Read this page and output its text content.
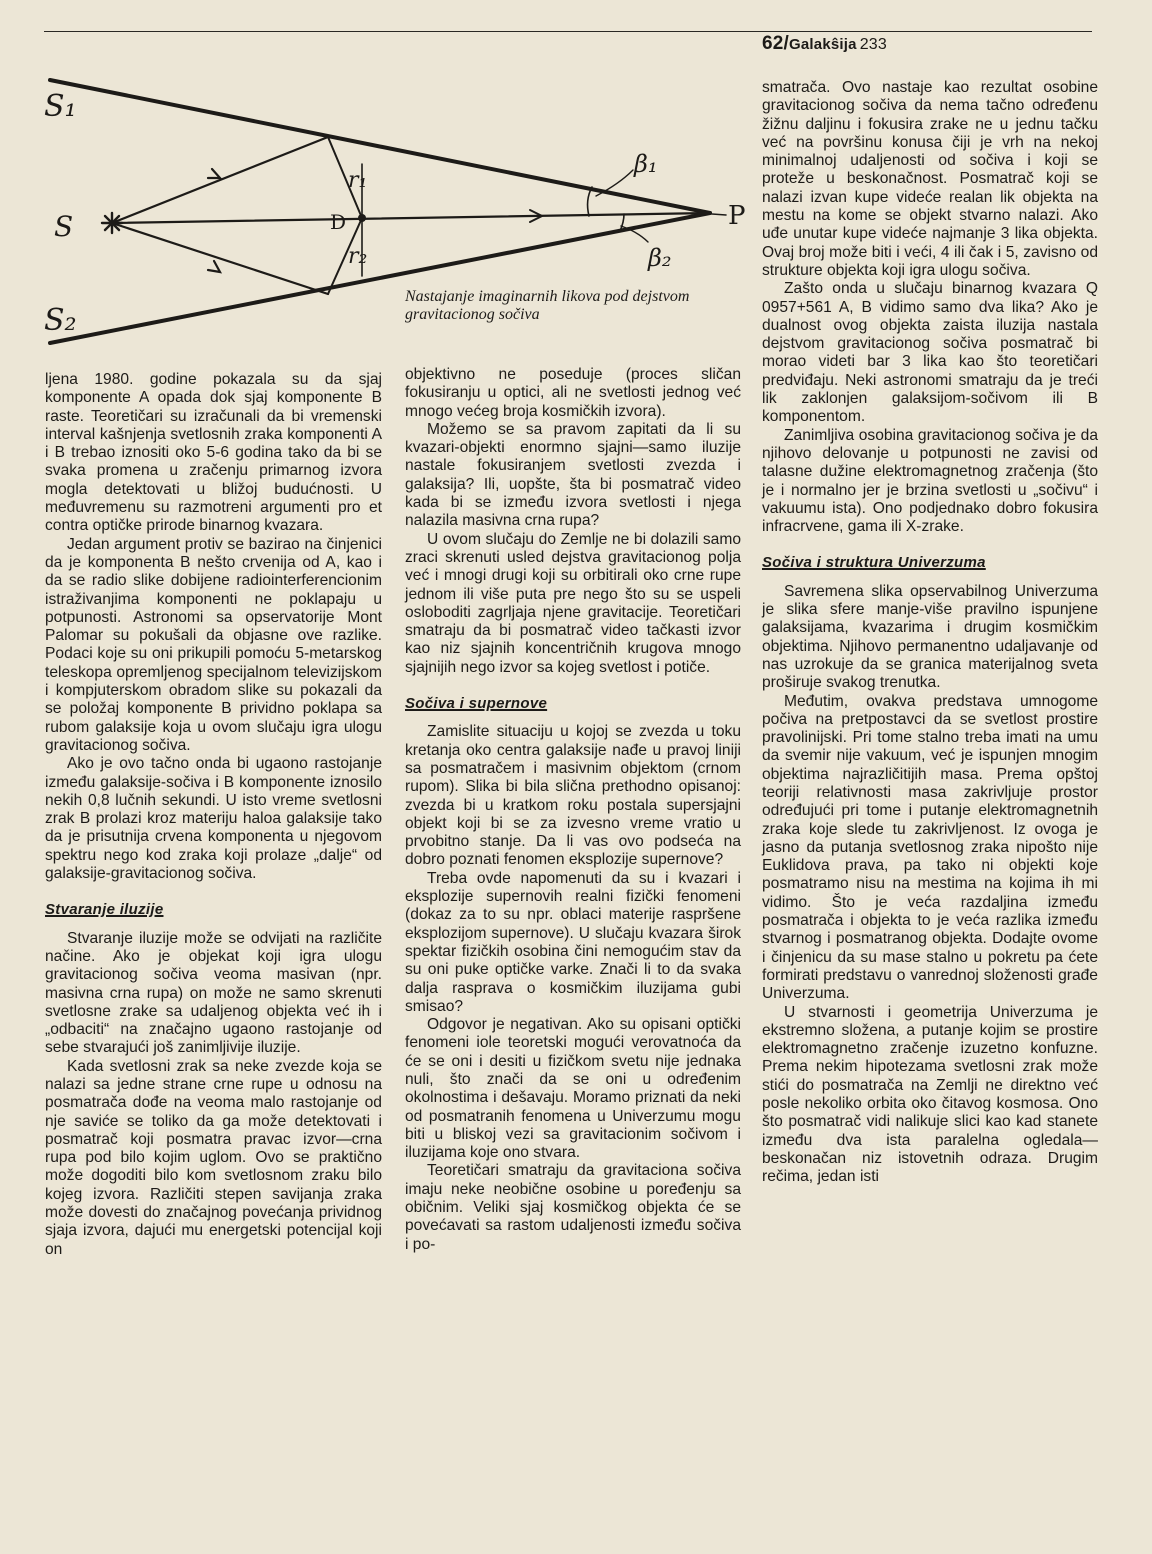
62/Galakŝija 233
S₁
S
S₂
D
r₁
r₂
β₁
β₂
P
Nastajanje imaginarnih likova pod dejstvom gravitacionog sočiva

ljena 1980. godine pokazala su da sjaj komponente A opada dok sjaj komponente B raste. Teoretičari su izračunali da bi vremenski interval kašnjenja svetlosnih zraka komponenti A i B trebao iznositi oko 5-6 godina tako da bi se svaka promena u zračenju primarnog izvora mogla detektovati u bližoj budućnosti. U međuvremenu su razmotreni argumenti pro et contra optičke prirode binarnog kvazara.

Jedan argument protiv se bazirao na činjenici da je komponenta B nešto crvenija od A, kao i da se radio slike dobijene radiointerferencionim istraživanjima komponenti ne poklapaju u potpunosti. Astronomi sa opservatorije Mont Palomar su pokušali da objasne ove razlike. Podaci koje su oni prikupili pomoću 5-metarskog teleskopa opremljenog specijalnom televizijskom i kompjuterskom obradom slike su pokazali da se položaj komponente B prividno poklapa sa rubom galaksije koja u ovom slučaju igra ulogu gravitacionog sočiva.

Ako je ovo tačno onda bi ugaono rastojanje između galaksije-sočiva i B komponente iznosilo nekih 0,8 lučnih sekundi. U isto vreme svetlosni zrak B prolazi kroz materiju haloa galaksije tako da je prisutnija crvena komponenta u njegovom spektru nego kod zraka koji prolaze „dalje“ od galaksije-gravitacionog sočiva.

Stvaranje iluzije

Stvaranje iluzije može se odvijati na različite načine. Ako je objekat koji igra ulogu gravitacionog sočiva veoma masivan (npr. masivna crna rupa) on može ne samo skrenuti svetlosne zrake sa udaljenog objekta već ih i „odbaciti“ na značajno ugaono rastojanje od sebe stvarajući još zanimljivije iluzije.

Kada svetlosni zrak sa neke zvezde koja se nalazi sa jedne strane crne rupe u odnosu na posmatrača dođe na veoma malo rastojanje od nje saviće se toliko da ga može detektovati i posmatrač koji posmatra pravac izvor—crna rupa pod bilo kojim uglom. Ovo se praktično može dogoditi bilo kom svetlosnom zraku bilo kojeg izvora. Različiti stepen savijanja zraka može dovesti do značajnog povećanja prividnog sjaja izvora, dajući mu energetski potencijal koji on

objektivno ne poseduje (proces sličan fokusiranju u optici, ali ne svetlosti jednog već mnogo većeg broja kosmičkih izvora).

Možemo se sa pravom zapitati da li su kvazari-objekti enormno sjajni—samo iluzije nastale fokusiranjem svetlosti zvezda i galaksija? Ili, uopšte, šta bi posmatrač video kada bi se između izvora svetlosti i njega nalazila masivna crna rupa?

U ovom slučaju do Zemlje ne bi dolazili samo zraci skrenuti usled dejstva gravitacionog polja već i mnogi drugi koji su orbitirali oko crne rupe jednom ili više puta pre nego što su se uspeli osloboditi zagrljaja njene gravitacije. Teoretičari smatraju da bi posmatrač video tačkasti izvor kao niz sjajnih koncentričnih krugova mnogo sjajnijih nego izvor sa kojeg svetlost i potiče.

Sočiva i supernove

Zamislite situaciju u kojoj se zvezda u toku kretanja oko centra galaksije nađe u pravoj liniji sa posmatračem i masivnim objektom (crnom rupom). Slika bi bila slična prethodno opisanoj: zvezda bi u kratkom roku postala supersjajni objekt koji bi se za izvesno vreme vratio u prvobitno stanje. Da li vas ovo podseća na dobro poznati fenomen eksplozije supernove?

Treba ovde napomenuti da su i kvazari i eksplozije supernovih realni fizički fenomeni (dokaz za to su npr. oblaci materije raspršene eksplozijom supernove). U slučaju kvazara širok spektar fizičkih osobina čini nemogućim stav da su oni puke optičke varke. Znači li to da svaka dalja rasprava o kosmičkim iluzijama gubi smisao?

Odgovor je negativan. Ako su opisani optički fenomeni iole teoretski mogući verovatnoća da će se oni i desiti u fizičkom svetu nije jednaka nuli, što znači da se oni u određenim okolnostima i dešavaju. Moramo priznati da neki od posmatranih fenomena u Univerzumu mogu biti u bliskoj vezi sa gravitacionim sočivom i iluzijama koje ono stvara.

Teoretičari smatraju da gravitaciona sočiva imaju neke neobične osobine u poređenju sa običnim. Veliki sjaj kosmičkog objekta će se povećavati sa rastom udaljenosti između sočiva i po-

smatrača. Ovo nastaje kao rezultat osobine gravitacionog sočiva da nema tačno određenu žižnu daljinu i fokusira zrake ne u jednu tačku već na površinu konusa čiji je vrh na nekoj minimalnoj udaljenosti od sočiva i koji se proteže u beskonačnost. Posmatrač koji se nalazi izvan kupe videće realan lik objekta na mestu na kome se objekt stvarno nalazi. Ako uđe unutar kupe videće najmanje 3 lika objekta. Ovaj broj može biti i veći, 4 ili čak i 5, zavisno od strukture objekta koji igra ulogu sočiva.

Zašto onda u slučaju binarnog kvazara Q 0957+561 A, B vidimo samo dva lika? Ako je dualnost ovog objekta zaista iluzija nastala dejstvom gravitacionog sočiva posmatrač bi morao videti bar 3 lika kao što teoretičari predviđaju. Neki astronomi smatraju da je treći lik zaklonjen galaksijom-sočivom ili B komponentom.

Zanimljiva osobina gravitacionog sočiva je da njihovo delovanje u potpunosti ne zavisi od talasne dužine elektromagnetnog zračenja (što je i normalno jer je brzina svetlosti u „sočivu“ i vakuumu ista). Ono podjednako dobro fokusira infracrvene, gama ili X-zrake.

Sočiva i struktura Univerzuma

Savremena slika opservabilnog Univerzuma je slika sfere manje-više pravilno ispunjene galaksijama, kvazarima i drugim kosmičkim objektima. Njihovo permanentno udaljavanje od nas uzrokuje da se granica materijalnog sveta proširuje svakog trenutka.

Međutim, ovakva predstava umnogome počiva na pretpostavci da se svetlost prostire pravolinijski. Pri tome stalno treba imati na umu da svemir nije vakuum, već je ispunjen mnogim objektima najrazličitijih masa. Prema opštoj teoriji relativnosti masa zakrivljuje prostor određujući pri tome i putanje elektromagnetnih zraka koje slede tu zakrivljenost. Iz ovoga je jasno da putanja svetlosnog zraka nipošto nije Euklidova prava, pa tako ni objekti koje posmatramo nisu na mestima na kojima ih mi vidimo. Što je veća razdaljina između posmatrača i objekta to je veća razlika između stvarnog i posmatranog objekta. Dodajte ovome i činjenicu da su mase stalno u pokretu pa ćete formirati predstavu o vanrednoj složenosti građe Univerzuma.

U stvarnosti i geometrija Univerzuma je ekstremno složena, a putanje kojim se prostire elektromagnetno zračenje izuzetno konfuzne. Prema nekim hipotezama svetlosni zrak može stići do posmatrača na Zemlji ne direktno već posle nekoliko orbita oko čitavog kosmosa. Ono što posmatrač vidi nalikuje slici kao kad stanete između dva ista paralelna ogledala—beskonačan niz istovetnih odraza. Drugim rečima, jedan isti
